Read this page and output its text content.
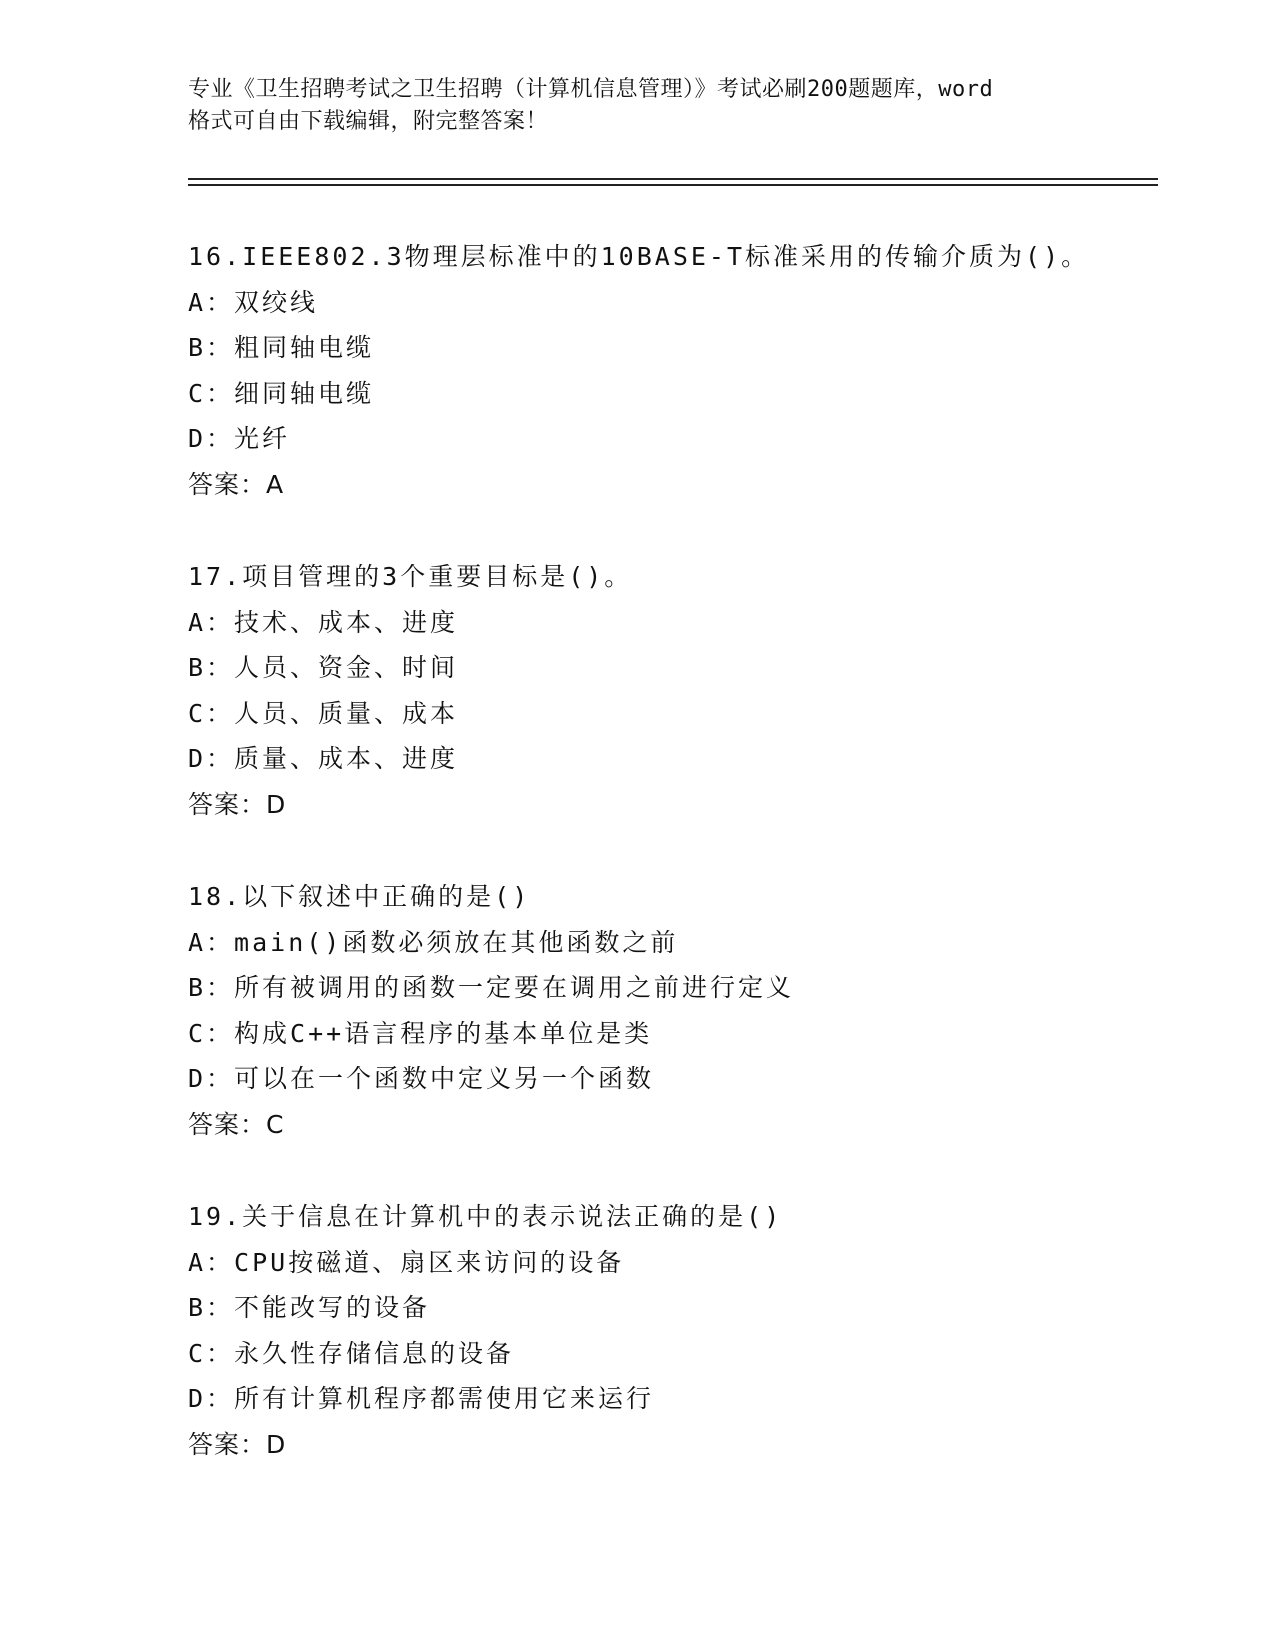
专业《卫生招聘考试之卫生招聘（计算机信息管理）》考试必刷200题题库，word
格式可自由下载编辑，附完整答案！
16.IEEE802.3物理层标准中的10BASE-T标准采用的传输介质为()。
A：双绞线
B：粗同轴电缆
C：细同轴电缆
D：光纤
答案：A
17.项目管理的3个重要目标是()。
A：技术、成本、进度
B：人员、资金、时间
C：人员、质量、成本
D：质量、成本、进度
答案：D
18.以下叙述中正确的是()
A：main()函数必须放在其他函数之前
B：所有被调用的函数一定要在调用之前进行定义
C：构成C++语言程序的基本单位是类
D：可以在一个函数中定义另一个函数
答案：C
19.关于信息在计算机中的表示说法正确的是()
A：CPU按磁道、扇区来访问的设备
B：不能改写的设备
C：永久性存储信息的设备
D：所有计算机程序都需使用它来运行
答案：D
